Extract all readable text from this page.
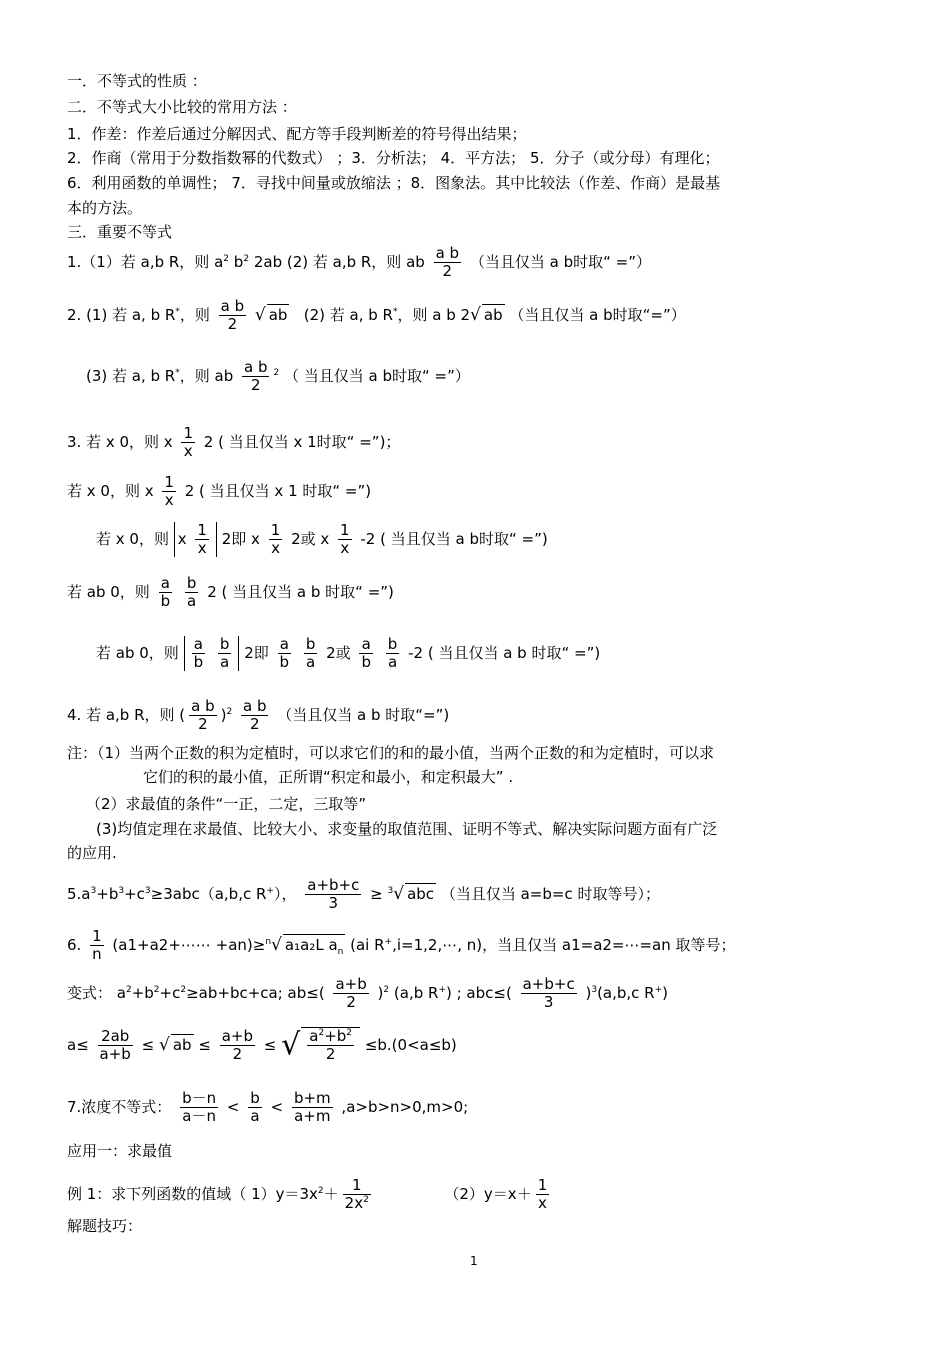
一．不等式的性质 ：
二．不等式大小比较的常用方法 ：
1．作差：作差后通过分解因式、配方等手段判断差的符号得出结果；
2．作商（常用于分数指数幂的代数式） ；3．分析法； 4．平方法； 5．分子（或分母）有理化；
6．利用函数的单调性； 7．寻找中间量或放缩法 ；8．图象法。其中比较法（作差、作商）是最基
本的方法。
三．重要不等式
1.（1）若 a,b R，则 $a^2$ $b^2$ 2ab (2) 若 a,b R，则 ab $\frac{\text{a b}}{2}$ （当且仅当 a b时取“ =”）
2. (1) 若 a, b R*，则 $\frac{\text{a b}}{2}$ √ ab (2) 若 a, b R*，则 a b 2√ ab （当且仅当 a b时取“=”）
(3) 若 a, b R*，则 ab $\frac{\text{a b}}{2} ^2$ （ 当且仅当 a b时取“ =”）
3. 若 x 0，则 x $\frac{1}{x} 2$ ( 当且仅当 x 1时取“ =”)；
若 x 0，则 x $\frac{1}{x} 2$ ( 当且仅当 x 1 时取“ =”)
若 x 0，则 x $\frac{1}{x} 2$即 x $\frac{1}{x} 2$或 x $\frac{1}{x} -2$ ( 当且仅当 a b时取“ =”)
若 ab 0，则 $\frac{a}{b}$
$\frac{b}{a} 2$ ( 当且仅当 a b 时取“ =”)
若 ab 0，则 $\frac{a}{b}$
$\frac{b}{a} 2$即 $\frac{a}{b}$
$\frac{b}{a} 2$或 $\frac{a}{b}$
$\frac{b}{a} -2$ ( 当且仅当 a b 时取“ =”)
4. 若 a,b R，则 ( $\frac{\text{a b}}{2} )^2 \frac{\text{a b}}{2}$ （当且仅当 a b 时取“=”)
注：（1）当两个正数的积为定植时，可以求它们的和的最小值，当两个正数的和为定植时，可以求
它们的积的最小值，正所谓“积定和最小，和定积最大” .
（2）求最值的条件“一正，二定，三取等”
(3)均值定理在求最值、比较大小、求变量的取值范围、证明不等式、解决实际问题方面有广泛
的应用.
$5.a^3+b^3+c^3\ge 3abc(a,b,c$ R+）， $\frac{a+b+c}{3} \ge ^3√$ abc （当且仅当 a=b=c 时取等号）；
6. $\frac{1}{n}$ (a1+a2+⋯⋯ +an)≥$^n$√ a₁a₂L $a_n$ (ai R+,i=1,2,⋯, n)，当且仅当 a1=a2=⋯=an 取等号；
变式： $a^2+b^2+c^2\ge ab+bc+ca$; $ab\le( \frac{a+b}{2} )^2$ (a,b R+) ; $abc\le( \frac{a+b+c}{3} )^3(a,b,c$ R+)
$a\le \frac{2ab}{a+b}$ ≤ √ ab ≤ $\frac{a+b}{2}$ ≤ √ $\frac{a^2+b^2}{2} \le b.(0<a\le b)$
7.浓度不等式： $\frac{b-n}{a-n} < \frac{b}{a} < \frac{b+m}{a+m} ,a>b>n>0,m>0$;
应用一：求最值
例 1：求下列函数的值域（ $1)y=3x^2+ \frac{1}{2x^2}$	$(2)y=x+ \frac{1}{x}$
解题技巧：
1
